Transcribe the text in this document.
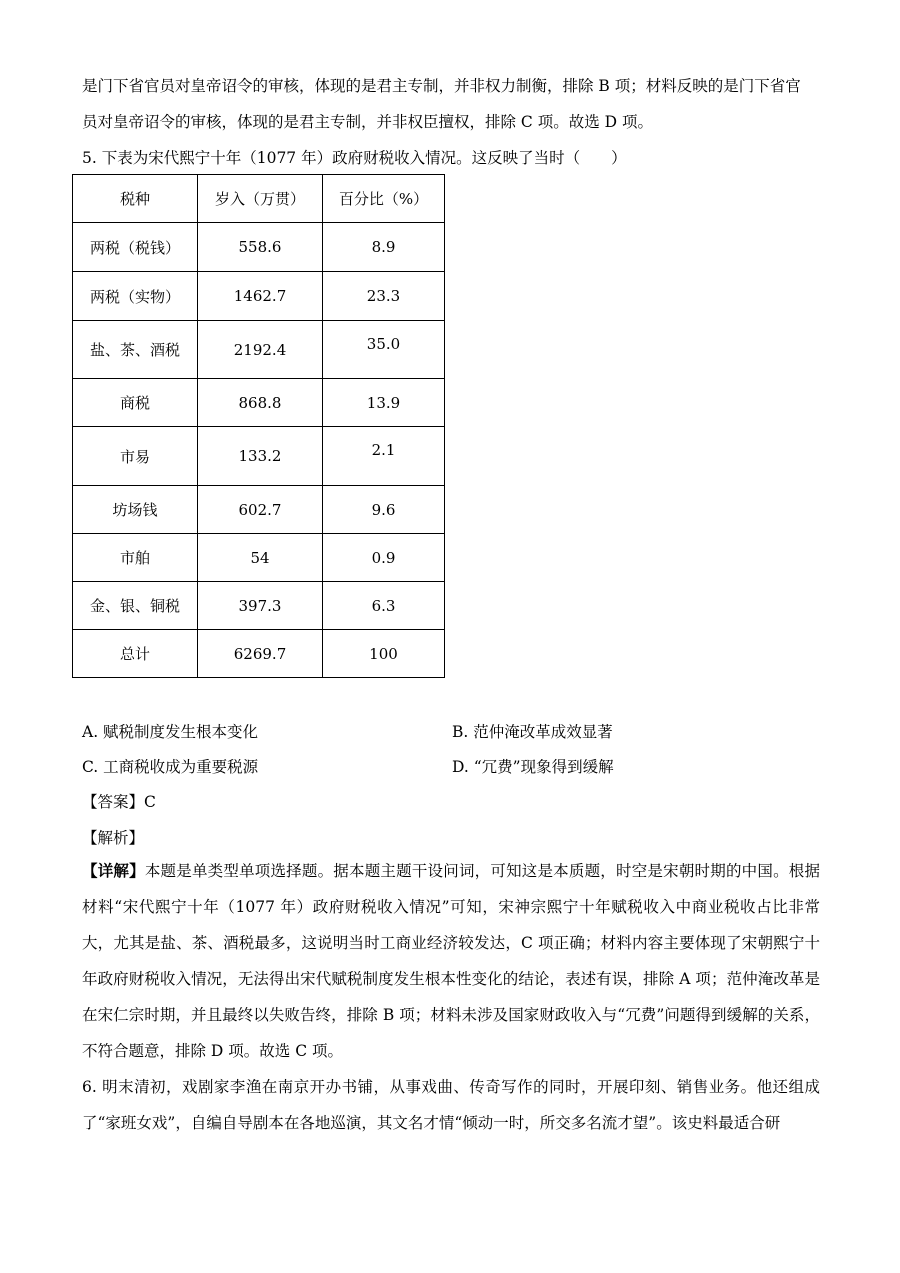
是门下省官员对皇帝诏令的审核，体现的是君主专制，并非权力制衡，排除 B 项；材料反映的是门下省官
员对皇帝诏令的审核，体现的是君主专制，并非权臣擅权，排除 C 项。故选 D 项。

5. 下表为宋代熙宁十年（1077 年）政府财税收入情况。这反映了当时（　　）
税种	岁入（万贯）	百分比（%）
两税（税钱）	558.6	8.9
两税（实物）	1462.7	23.3
盐、茶、酒税	2192.4	35.0
商税	868.8	13.9
市易	133.2	2.1
坊场钱	602.7	9.6
市舶	54	0.9
金、银、铜税	397.3	6.3
总计	6269.7	100
A. 赋税制度发生根本变化	B. 范仲淹改革成效显著
C. 工商税收成为重要税源	D. “冗费”现象得到缓解
【答案】C
【解析】

【详解】本题是单类型单项选择题。据本题主题干设问词，可知这是本质题，时空是宋朝时期的中国。根据材料“宋代熙宁十年（1077 年）政府财税收入情况”可知，宋神宗熙宁十年赋税收入中商业税收占比非常大，尤其是盐、茶、酒税最多，这说明当时工商业经济较发达，C 项正确；材料内容主要体现了宋朝熙宁十年政府财税收入情况，无法得出宋代赋税制度发生根本性变化的结论，表述有误，排除 A 项；范仲淹改革是在宋仁宗时期，并且最终以失败告终，排除 B 项；材料未涉及国家财政收入与“冗费”问题得到缓解的关系，不符合题意，排除 D 项。故选 C 项。

6. 明末清初，戏剧家李渔在南京开办书铺，从事戏曲、传奇写作的同时，开展印刻、销售业务。他还组成了“家班女戏”，自编自导剧本在各地巡演，其文名才情“倾动一时，所交多名流才望”。该史料最适合研
